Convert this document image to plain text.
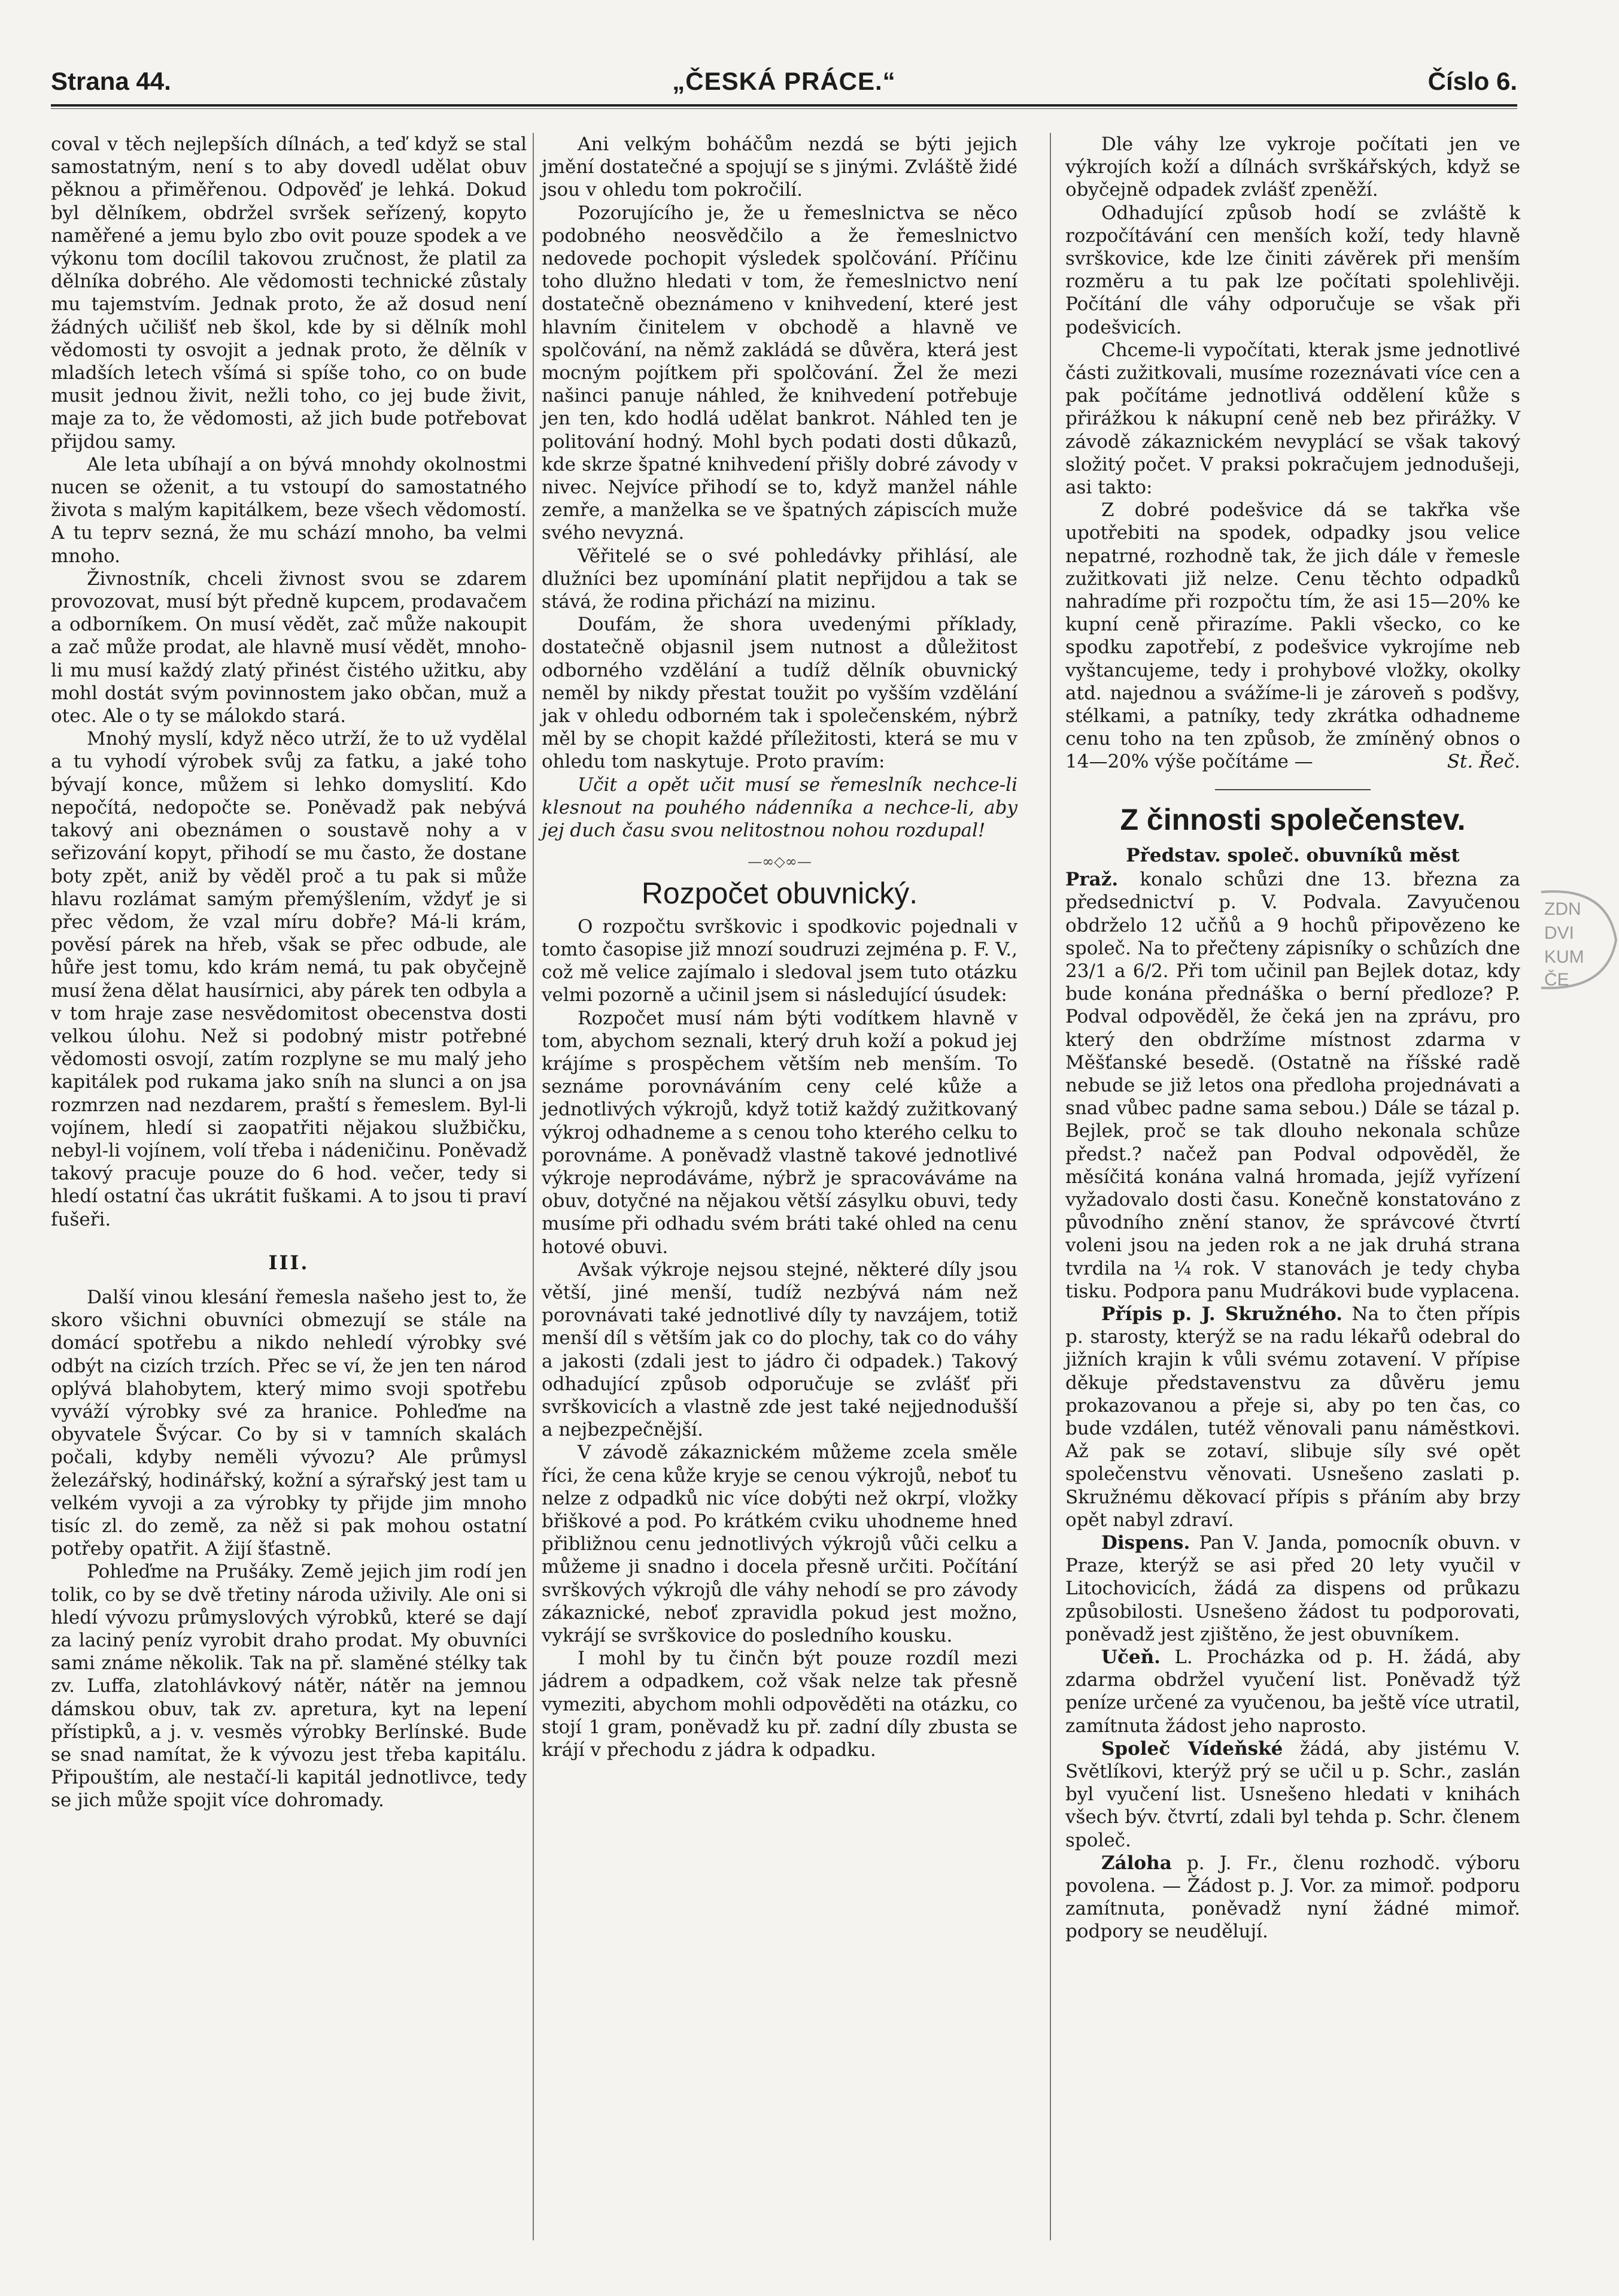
Strana 44.	„ČESKÁ PRÁCE.“	Číslo 6.

coval v těch nejlepších dílnách, a teď když se stal samostatným, není s to aby dovedl udělat obuv pěknou a přiměřenou. Odpověď je lehká. Dokud byl dělníkem, obdržel svršek seřízený, kopyto naměřené a jemu bylo zbo ovit pouze spodek a ve výkonu tom docílil takovou zručnost, že platil za dělníka dobrého. Ale vědomosti technické zůstaly mu tajemstvím. Jednak proto, že až dosud není žádných učilišť neb škol, kde by si dělník mohl vědomosti ty osvojit a jednak proto, že dělník v mladších letech všímá si spíše toho, co on bude musit jednou živit, nežli toho, co jej bude živit, maje za to, že vědomosti, až jich bude potřebovat přijdou samy.

Ale leta ubíhají a on bývá mnohdy okolnostmi nucen se oženit, a tu vstoupí do samostatného života s malým kapitálkem, beze všech vědomostí. A tu teprv sezná, že mu schází mnoho, ba velmi mnoho.

Živnostník, chceli živnost svou se zdarem provozovat, musí být předně kupcem, prodavačem a odborníkem. On musí vědět, zač může nakoupit a zač může prodat, ale hlavně musí vědět, mnoho-li mu musí každý zlatý přinést čistého užitku, aby mohl dostát svým povinnostem jako občan, muž a otec. Ale o ty se málokdo stará.

Mnohý myslí, když něco utrží, že to už vydělal a tu vyhodí výrobek svůj za fatku, a jaké toho bývají konce, můžem si lehko domyslití. Kdo nepočítá, nedopočte se. Poněvadž pak nebývá takový ani obeznámen o soustavě nohy a v seřizování kopyt, přihodí se mu často, že dostane boty zpět, aniž by věděl proč a tu pak si může hlavu rozlámat samým přemýšlením, vždyť je si přec vědom, že vzal míru dobře? Má-li krám, pověsí párek na hřeb, však se přec odbude, ale hůře jest tomu, kdo krám nemá, tu pak obyčejně musí žena dělat hausírnici, aby párek ten odbyla a v tom hraje zase nesvědomitost obecenstva dosti velkou úlohu. Než si podobný mistr potřebné vědomosti osvojí, zatím rozplyne se mu malý jeho kapitálek pod rukama jako sníh na slunci a on jsa rozmrzen nad nezdarem, praští s řemeslem. Byl-li vojínem, hledí si zaopatřiti nějakou službičku, nebyl-li vojínem, volí třeba i nádeničinu. Poněvadž takový pracuje pouze do 6 hod. večer, tedy si hledí ostatní čas ukrátit fuškami. A to jsou ti praví fušeři.

III.

Další vinou klesání řemesla našeho jest to, že skoro všichni obuvníci obmezují se stále na domácí spotřebu a nikdo nehledí výrobky své odbýt na cizích trzích. Přec se ví, že jen ten národ oplývá blahobytem, který mimo svoji spotřebu vyváží výrobky své za hranice. Pohleďme na obyvatele Švýcar. Co by si v tamních skalách počali, kdyby neměli vývozu? Ale průmysl železářský, hodinářský, kožní a sýrařský jest tam u velkém vyvoji a za výrobky ty přijde jim mnoho tisíc zl. do země, za něž si pak mohou ostatní potřeby opatřit. A žijí šťastně.

Pohleďme na Prušáky. Země jejich jim rodí jen tolik, co by se dvě třetiny národa uživily. Ale oni si hledí vývozu průmyslových výrobků, které se dají za laciný peníz vyrobit draho prodat. My obuvníci sami známe několik. Tak na př. slaměné stélky tak zv. Luffa, zlatohlávkový nátěr, nátěr na jemnou dámskou obuv, tak zv. apretura, kyt na lepení přístipků, a j. v. vesměs výrobky Berlínské. Bude se snad namítat, že k vývozu jest třeba kapitálu. Připouštím, ale nestačí-li kapitál jednotlivce, tedy se jich může spojit více dohromady.

Ani velkým boháčům nezdá se býti jejich jmění dostatečné a spojují se s jinými. Zvláště židé jsou v ohledu tom pokročilí.

Pozorujícího je, že u řemeslnictva se něco podobného neosvědčilo a že řemeslnictvo nedovede pochopit výsledek spolčování. Příčinu toho dlužno hledati v tom, že řemeslnictvo není dostatečně obeznámeno v knihvedení, které jest hlavním činitelem v obchodě a hlavně ve spolčování, na němž zakládá se důvěra, která jest mocným pojítkem při spolčování. Žel že mezi našinci panuje náhled, že knihvedení potřebuje jen ten, kdo hodlá udělat bankrot. Náhled ten je politování hodný. Mohl bych podati dosti důkazů, kde skrze špatné knihvedení přišly dobré závody v nivec. Nejvíce přihodí se to, když manžel náhle zemře, a manželka se ve špatných zápiscích muže svého nevyzná.

Věřitelé se o své pohledávky přihlásí, ale dlužníci bez upomínání platit nepřijdou a tak se stává, že rodina přichází na mizinu.

Doufám, že shora uvedenými příklady, dostatečně objasnil jsem nutnost a důležitost odborného vzdělání a tudíž dělník obuvnický neměl by nikdy přestat toužit po vyšším vzdělání jak v ohledu odborném tak i společenském, nýbrž měl by se chopit každé příležitosti, která se mu v ohledu tom naskytuje. Proto pravím:

Učit a opět učit musí se řemeslník nechce-li klesnout na pouhého nádenníka a nechce-li, aby jej duch času svou nelitostnou nohou rozdupal!

—∞◇∞—
Rozpočet obuvnický.

O rozpočtu svrškovic i spodkovic pojednali v tomto časopise již mnozí soudruzi zejména p. F. V., což mě velice zajímalo i sledoval jsem tuto otázku velmi pozorně a učinil jsem si následující úsudek:

Rozpočet musí nám býti vodítkem hlavně v tom, abychom seznali, který druh koží a pokud jej krájíme s prospěchem větším neb menším. To seznáme porovnáváním ceny celé kůže a jednotlivých výkrojů, když totiž každý zužitkovaný výkroj odhadneme a s cenou toho kterého celku to porovnáme. A poněvadž vlastně takové jednotlivé výkroje neprodáváme, nýbrž je spracováváme na obuv, dotyčné na nějakou větší zásylku obuvi, tedy musíme při odhadu svém bráti také ohled na cenu hotové obuvi.

Avšak výkroje nejsou stejné, některé díly jsou větší, jiné menší, tudíž nezbývá nám než porovnávati také jednotlivé díly ty navzájem, totiž menší díl s větším jak co do plochy, tak co do váhy a jakosti (zdali jest to jádro či odpadek.) Takový odhadující způsob odporučuje se zvlášť při svrškovicích a vlastně zde jest také nejjednodušší a nejbezpečnější.

V závodě zákaznickém můžeme zcela směle říci, že cena kůže kryje se cenou výkrojů, neboť tu nelze z odpadků nic více dobýti než okrpí, vložky břiškové a pod. Po krátkém cviku uhodneme hned přibližnou cenu jednotlivých výkrojů vůči celku a můžeme ji snadno i docela přesně určiti. Počítání svrškových výkrojů dle váhy nehodí se pro závody zákaznické, neboť zpravidla pokud jest možno, vykrájí se svrškovice do posledního kousku.

I mohl by tu činčn být pouze rozdíl mezi jádrem a odpadkem, což však nelze tak přesně vymeziti, abychom mohli odpověděti na otázku, co stojí 1 gram, poněvadž ku př. zadní díly zbusta se krájí v přechodu z jádra k odpadku.

Dle váhy lze vykroje počítati jen ve výkrojích koží a dílnách svrškářských, když se obyčejně odpadek zvlášť zpeněží.

Odhadující způsob hodí se zvláště k rozpočítávání cen menších koží, tedy hlavně svrškovice, kde lze činiti závěrek při menším rozměru a tu pak lze počítati spolehlivěji. Počítání dle váhy odporučuje se však při podešvicích.

Chceme-li vypočítati, kterak jsme jednotlivé části zužitkovali, musíme rozeznávati více cen a pak počítáme jednotlivá oddělení kůže s přirážkou k nákupní ceně neb bez přirážky. V závodě zákaznickém nevyplácí se však takový složitý počet. V praksi pokračujem jednodušeji, asi takto:

Z dobré podešvice dá se takřka vše upotřebiti na spodek, odpadky jsou velice nepatrné, rozhodně tak, že jich dále v řemesle zužitkovati již nelze. Cenu těchto odpadků nahradíme při rozpočtu tím, že asi 15—20% ke kupní ceně přirazíme. Pakli všecko, co ke spodku zapotřebí, z podešvice vykrojíme neb vyštancujeme, tedy i prohybové vložky, okolky atd. najednou a svážíme-li je zároveň s podšvy, stélkami, a patníky, tedy zkrátka odhadneme cenu toho na ten způsob, že zmíněný obnos o 14—20% výše počítáme —	St. Řeč.

Z činnosti společenstev.
Představ. společ. obuvníků měst

Praž. konalo schůzi dne 13. března za předsednictví p. V. Podvala. Zavyučenou obdrželo 12 učňů a 9 hochů připovězeno ke společ. Na to přečteny zápisníky o schůzích dne 23/1 a 6/2. Při tom učinil pan Bejlek dotaz, kdy bude konána přednáška o berní předloze? P. Podval odpověděl, že čeká jen na zprávu, pro který den obdržíme místnost zdarma v Měšťanské besedě. (Ostatně na říšské radě nebude se již letos ona předloha projednávati a snad vůbec padne sama sebou.) Dále se tázal p. Bejlek, proč se tak dlouho nekonala schůze předst.? načež pan Podval odpověděl, že měsíčitá konána valná hromada, jejíž vyřízení vyžadovalo dosti času. Konečně konstatováno z původního znění stanov, že správcové čtvrtí voleni jsou na jeden rok a ne jak druhá strana tvrdila na ¼ rok. V stanovách je tedy chyba tisku. Podpora panu Mudrákovi bude vyplacena.

Přípis p. J. Skružného. Na to čten přípis p. starosty, kterýž se na radu lékařů odebral do jižních krajin k vůli svému zotavení. V přípise děkuje představenstvu za důvěru jemu prokazovanou a přeje si, aby po ten čas, co bude vzdálen, tutéž věnovali panu náměstkovi. Až pak se zotaví, slibuje síly své opět společenstvu věnovati. Usnešeno zaslati p. Skružnému děkovací přípis s přáním aby brzy opět nabyl zdraví.

Dispens. Pan V. Janda, pomocník obuvn. v Praze, kterýž se asi před 20 lety vyučil v Litochovicích, žádá za dispens od průkazu způsobilosti. Usnešeno žádost tu podporovati, poněvadž jest zjištěno, že jest obuvníkem.

Učeň. L. Procházka od p. H. žádá, aby zdarma obdržel vyučení list. Poněvadž týž peníze určené za vyučenou, ba ještě více utratil, zamítnuta žádost jeho naprosto.

Společ Vídeňské žádá, aby jistému V. Světlíkovi, kterýž prý se učil u p. Schr., zaslán byl vyučení list. Usnešeno hledati v knihách všech býv. čtvrtí, zdali byl tehda p. Schr. členem společ.

Záloha p. J. Fr., členu rozhodč. výboru povolena. — Žádost p. J. Vor. za mimoř. podporu zamítnuta, poněvadž nyní žádné mimoř. podpory se neudělují.

ZDN
DVI
KUM
ČE
